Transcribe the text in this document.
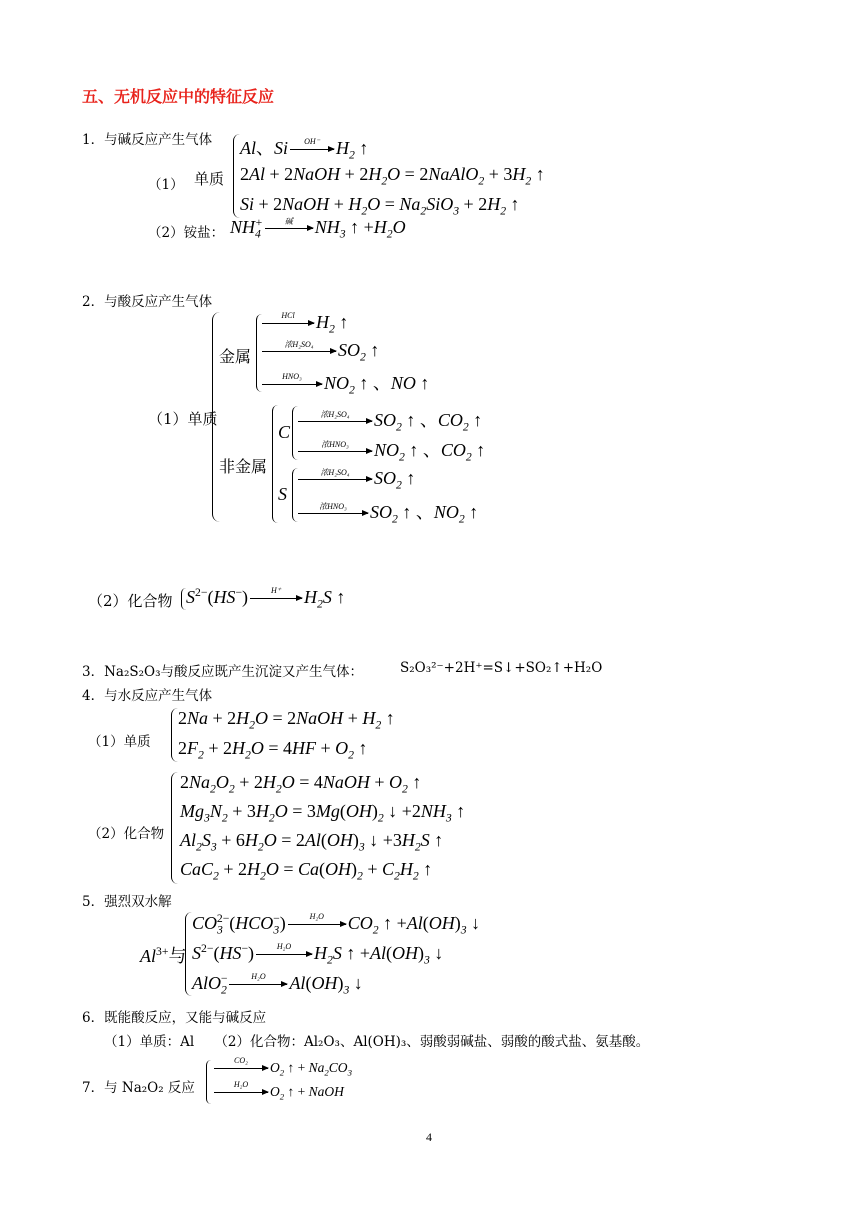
五、无机反应中的特征反应
1．与碱反应产生气体
（1） 单质
Al、Si	OH⁻ $H_2$ ↑
2Al + 2NaOH + $2H_2O$ = 2NaAlO$_2$ + $3H_2$ ↑
Si + 2NaOH + $H_2O = Na_2SiO_3 + 2H_2$ ↑
（2）铵盐： $NH_4^+$	碱	$NH_3$ ↑ $+H_2O$
2．与酸反应产生气体
（1）单质
金属
HCl	$H_2$ ↑
浓H₂SO₄	$SO_2$ ↑
HNO₃	$NO_2$ ↑ 、NO ↑
非金属
C
浓H₂SO₄	$SO_2$ ↑ 、$CO_2$ ↑
浓HNO₃	$NO_2$ ↑ 、$CO_2$ ↑
S
浓H₂SO₄	$SO_2$ ↑
浓HNO₃	$SO_2$ ↑ 、$NO_2$ ↑
（2）化合物 $S^{2-}(HS^-)$	H⁺	$H_2S$ ↑
3．Na₂S₂O₃与酸反应既产生沉淀又产生气体：	S₂O₃²⁻+2H⁺=S↓+SO₂↑+H₂O
4．与水反应产生气体
（1）单质
$2Na + 2H_2O$ = 2NaOH + $H_2$ ↑
$2F_2 + 2H_2O = 4HF + O_2$ ↑
（2）化合物
$2Na_2O_2 + 2H_2O$ = 4NaOH + $O_2$ ↑
$Mg_3N_2 + 3H_2O = 3Mg(OH)_2$ ↓ $+2NH_3$ ↑
$Al_2S_3 + 6H_2O = 2Al(OH)_3$ ↓ $+3H_2S$ ↑
$CaC_2 + 2H_2O = Ca(OH)_2 + C_2H_2$ ↑
5．强烈双水解
$Al^{3+}$与
$CO_3^{2-}(HCO_3^-)$	H₂O	$CO_2$ ↑ $+Al(OH)_3$ ↓
$S^{2-}(HS^-)$	H₂O	$H_2S$ ↑ $+Al(OH)_3$ ↓
AlO$_2$−	H₂O	$Al(OH)_3$ ↓
6．既能酸反应，又能与碱反应
（1）单质：Al　　（2）化合物：Al₂O₃、Al(OH)₃、弱酸弱碱盐、弱酸的酸式盐、氨基酸。
7．与 Na₂O₂ 反应
CO₂	$O_2$ ↑ + $Na_2CO_3$
H₂O	$O_2$ ↑ + NaOH
4
